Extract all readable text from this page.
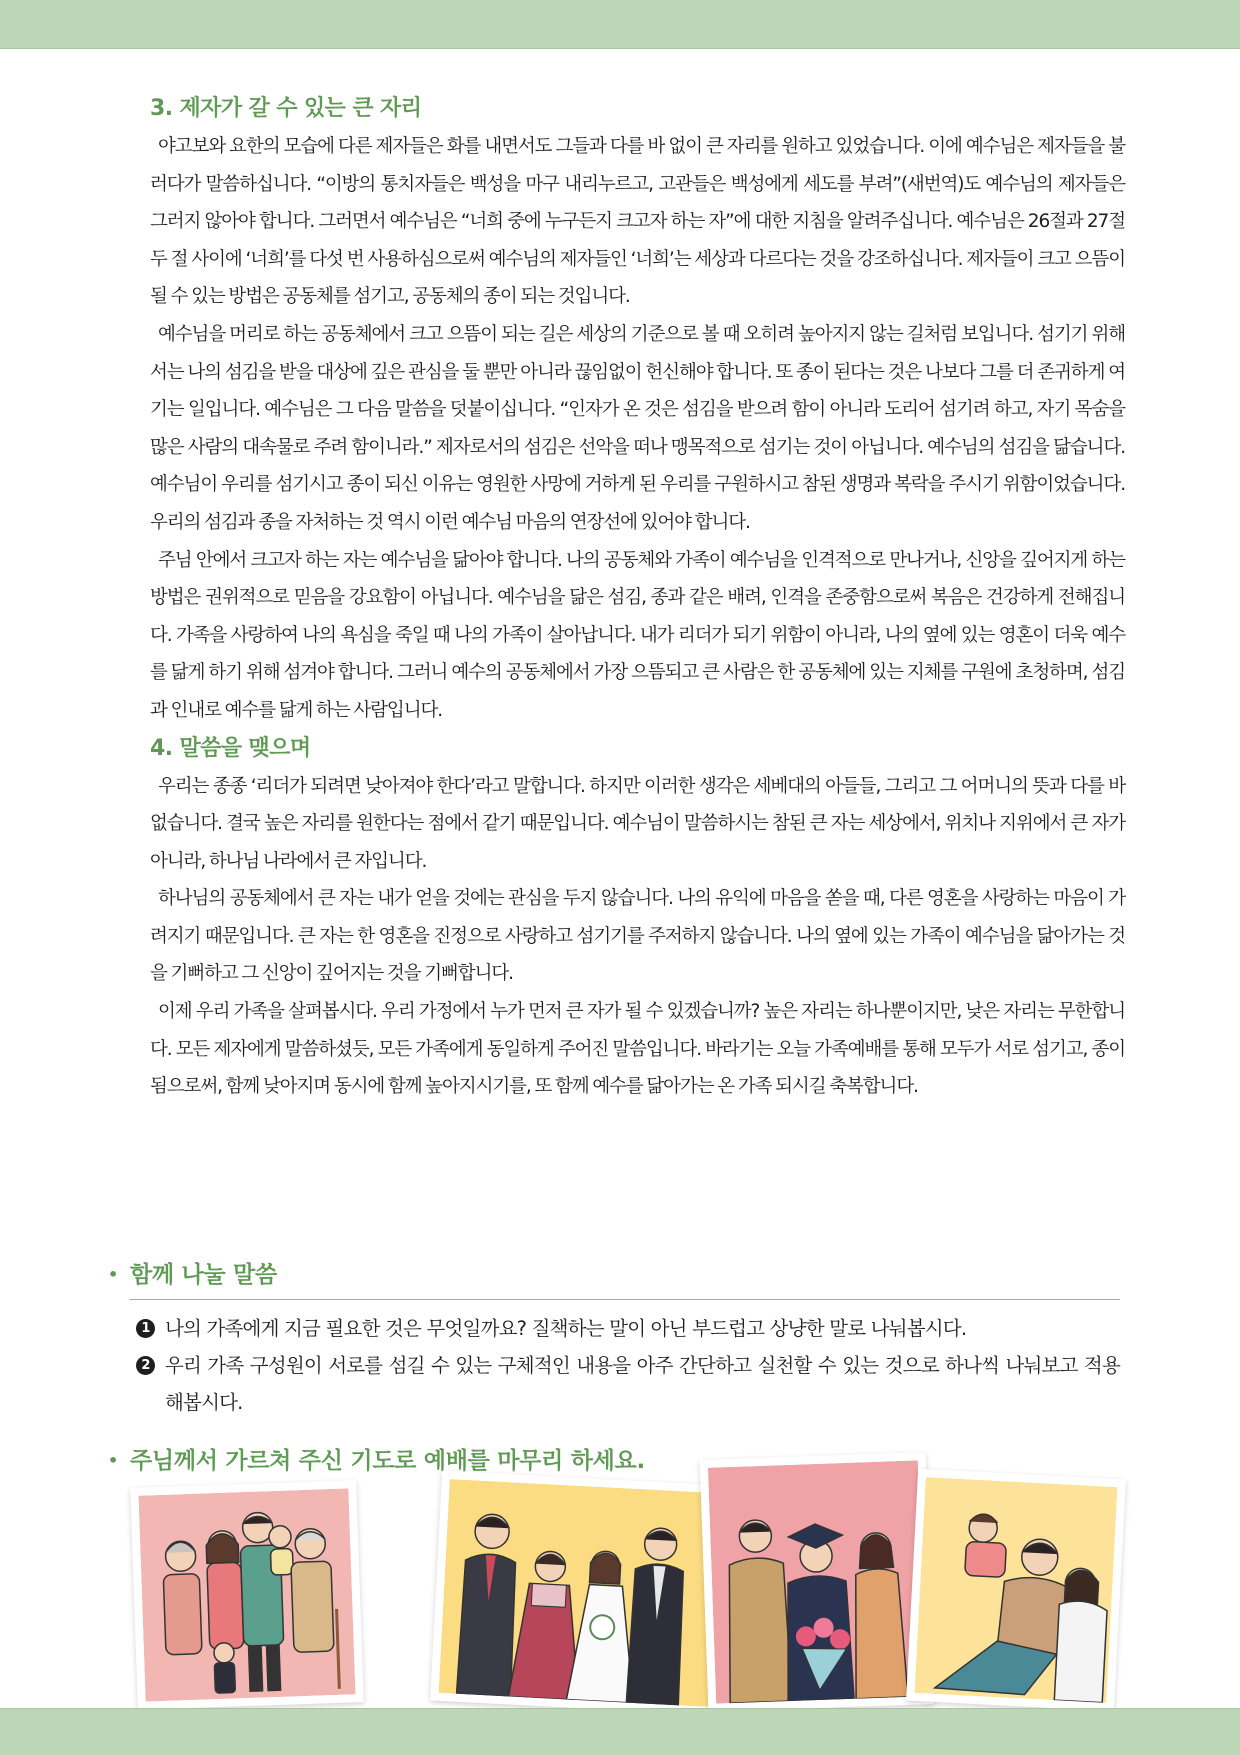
3. 제자가 갈 수 있는 큰 자리

야고보와 요한의 모습에 다른 제자들은 화를 내면서도 그들과 다를 바 없이 큰 자리를 원하고 있었습니다. 이에 예수님은 제자들을 불러다가 말씀하십니다. “이방의 통치자들은 백성을 마구 내리누르고, 고관들은 백성에게 세도를 부려”(새번역)도 예수님의 제자들은 그러지 않아야 합니다. 그러면서 예수님은 “너희 중에 누구든지 크고자 하는 자”에 대한 지침을 알려주십니다. 예수님은 26절과 27절 두 절 사이에 ‘너희’를 다섯 번 사용하심으로써 예수님의 제자들인 ‘너희’는 세상과 다르다는 것을 강조하십니다. 제자들이 크고 으뜸이 될 수 있는 방법은 공동체를 섬기고, 공동체의 종이 되는 것입니다.

예수님을 머리로 하는 공동체에서 크고 으뜸이 되는 길은 세상의 기준으로 볼 때 오히려 높아지지 않는 길처럼 보입니다. 섬기기 위해서는 나의 섬김을 받을 대상에 깊은 관심을 둘 뿐만 아니라 끊임없이 헌신해야 합니다. 또 종이 된다는 것은 나보다 그를 더 존귀하게 여기는 일입니다. 예수님은 그 다음 말씀을 덧붙이십니다. “인자가 온 것은 섬김을 받으려 함이 아니라 도리어 섬기려 하고, 자기 목숨을 많은 사람의 대속물로 주려 함이니라.” 제자로서의 섬김은 선악을 떠나 맹목적으로 섬기는 것이 아닙니다. 예수님의 섬김을 닮습니다. 예수님이 우리를 섬기시고 종이 되신 이유는 영원한 사망에 거하게 된 우리를 구원하시고 참된 생명과 복락을 주시기 위함이었습니다. 우리의 섬김과 종을 자처하는 것 역시 이런 예수님 마음의 연장선에 있어야 합니다.

주님 안에서 크고자 하는 자는 예수님을 닮아야 합니다. 나의 공동체와 가족이 예수님을 인격적으로 만나거나, 신앙을 깊어지게 하는 방법은 권위적으로 믿음을 강요함이 아닙니다. 예수님을 닮은 섬김, 종과 같은 배려, 인격을 존중함으로써 복음은 건강하게 전해집니다. 가족을 사랑하여 나의 욕심을 죽일 때 나의 가족이 살아납니다. 내가 리더가 되기 위함이 아니라, 나의 옆에 있는 영혼이 더욱 예수를 닮게 하기 위해 섬겨야 합니다. 그러니 예수의 공동체에서 가장 으뜸되고 큰 사람은 한 공동체에 있는 지체를 구원에 초청하며, 섬김과 인내로 예수를 닮게 하는 사람입니다.

4. 말씀을 맺으며

우리는 종종 ‘리더가 되려면 낮아져야 한다’라고 말합니다. 하지만 이러한 생각은 세베대의 아들들, 그리고 그 어머니의 뜻과 다를 바 없습니다. 결국 높은 자리를 원한다는 점에서 같기 때문입니다. 예수님이 말씀하시는 참된 큰 자는 세상에서, 위치나 지위에서 큰 자가 아니라, 하나님 나라에서 큰 자입니다.

하나님의 공동체에서 큰 자는 내가 얻을 것에는 관심을 두지 않습니다. 나의 유익에 마음을 쏟을 때, 다른 영혼을 사랑하는 마음이 가려지기 때문입니다. 큰 자는 한 영혼을 진정으로 사랑하고 섬기기를 주저하지 않습니다. 나의 옆에 있는 가족이 예수님을 닮아가는 것을 기뻐하고 그 신앙이 깊어지는 것을 기뻐합니다.

이제 우리 가족을 살펴봅시다. 우리 가정에서 누가 먼저 큰 자가 될 수 있겠습니까? 높은 자리는 하나뿐이지만, 낮은 자리는 무한합니다. 모든 제자에게 말씀하셨듯, 모든 가족에게 동일하게 주어진 말씀입니다. 바라기는 오늘 가족예배를 통해 모두가 서로 섬기고, 종이 됨으로써, 함께 낮아지며 동시에 함께 높아지시기를, 또 함께 예수를 닮아가는 온 가족 되시길 축복합니다.

• 함께 나눌 말씀
1 나의 가족에게 지금 필요한 것은 무엇일까요? 질책하는 말이 아닌 부드럽고 상냥한 말로 나눠봅시다.
2 우리 가족 구성원이 서로를 섬길 수 있는 구체적인 내용을 아주 간단하고 실천할 수 있는 것으로 하나씩 나눠보고 적용해봅시다.
• 주님께서 가르쳐 주신 기도로 예배를 마무리 하세요.
